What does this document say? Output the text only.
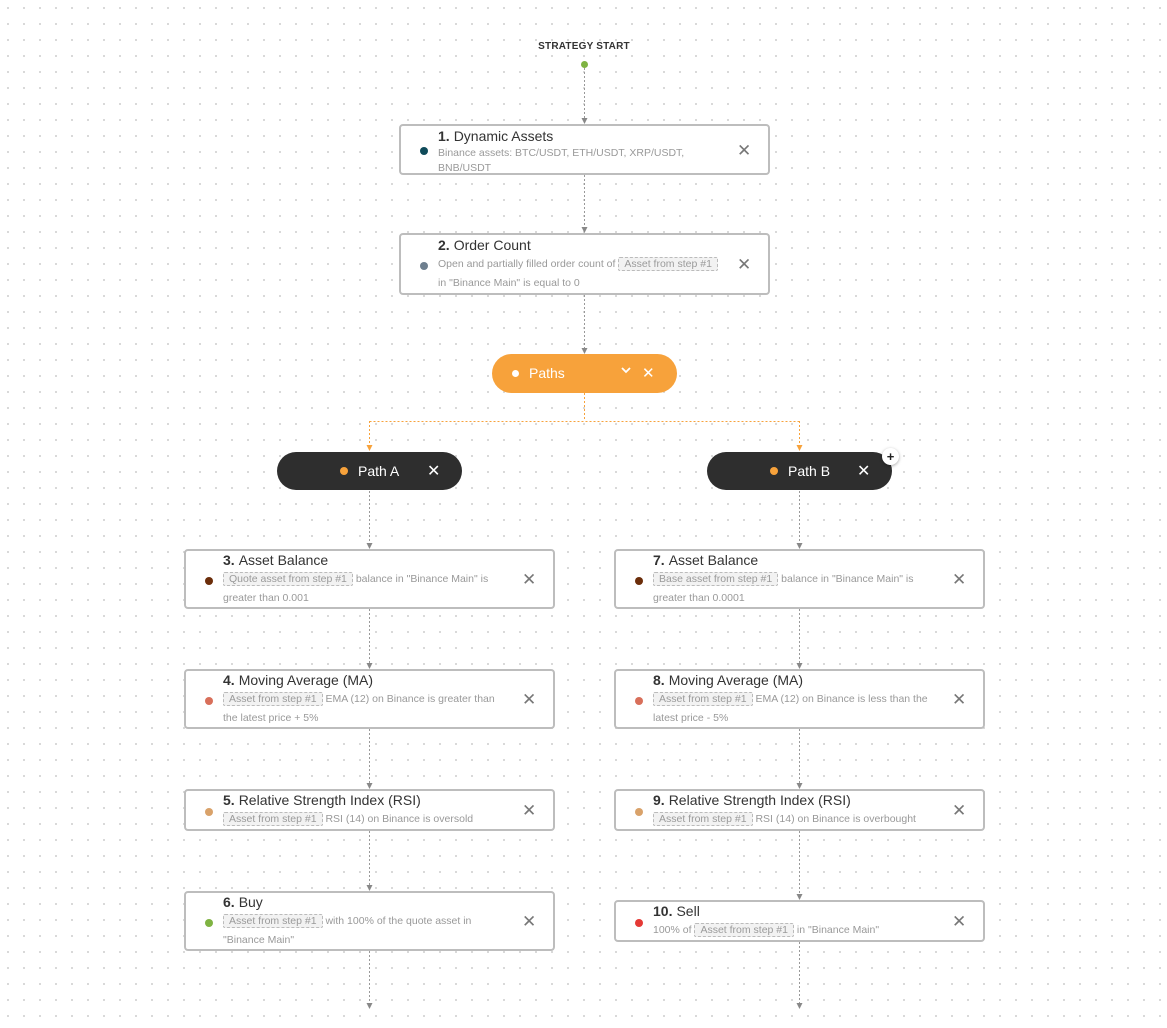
STRATEGY START
1. Dynamic Assets
Binance assets: BTC/USDT, ETH/USDT, XRP/USDT, BNB/USDT
✕
2. Order Count
Open and partially filled order count of Asset from step #1 in "Binance Main" is equal to 0
✕
Paths	✕
Path A ✕	Path B ✕
+
3. Asset Balance
Quote asset from step #1 balance in "Binance Main" is greater than 0.001
✕
4. Moving Average (MA)
Asset from step #1 EMA (12) on Binance is greater than the latest price + 5%
✕
5. Relative Strength Index (RSI)
Asset from step #1 RSI (14) on Binance is oversold	✕
6. Buy
Asset from step #1 with 100% of the quote asset in "Binance Main"
✕
7. Asset Balance
Base asset from step #1 balance in "Binance Main" is greater than 0.0001
✕
8. Moving Average (MA)
Asset from step #1 EMA (12) on Binance is less than the latest price - 5%
✕
9. Relative Strength Index (RSI)
Asset from step #1 RSI (14) on Binance is overbought	✕
10. Sell
100% of Asset from step #1 in "Binance Main"	✕
